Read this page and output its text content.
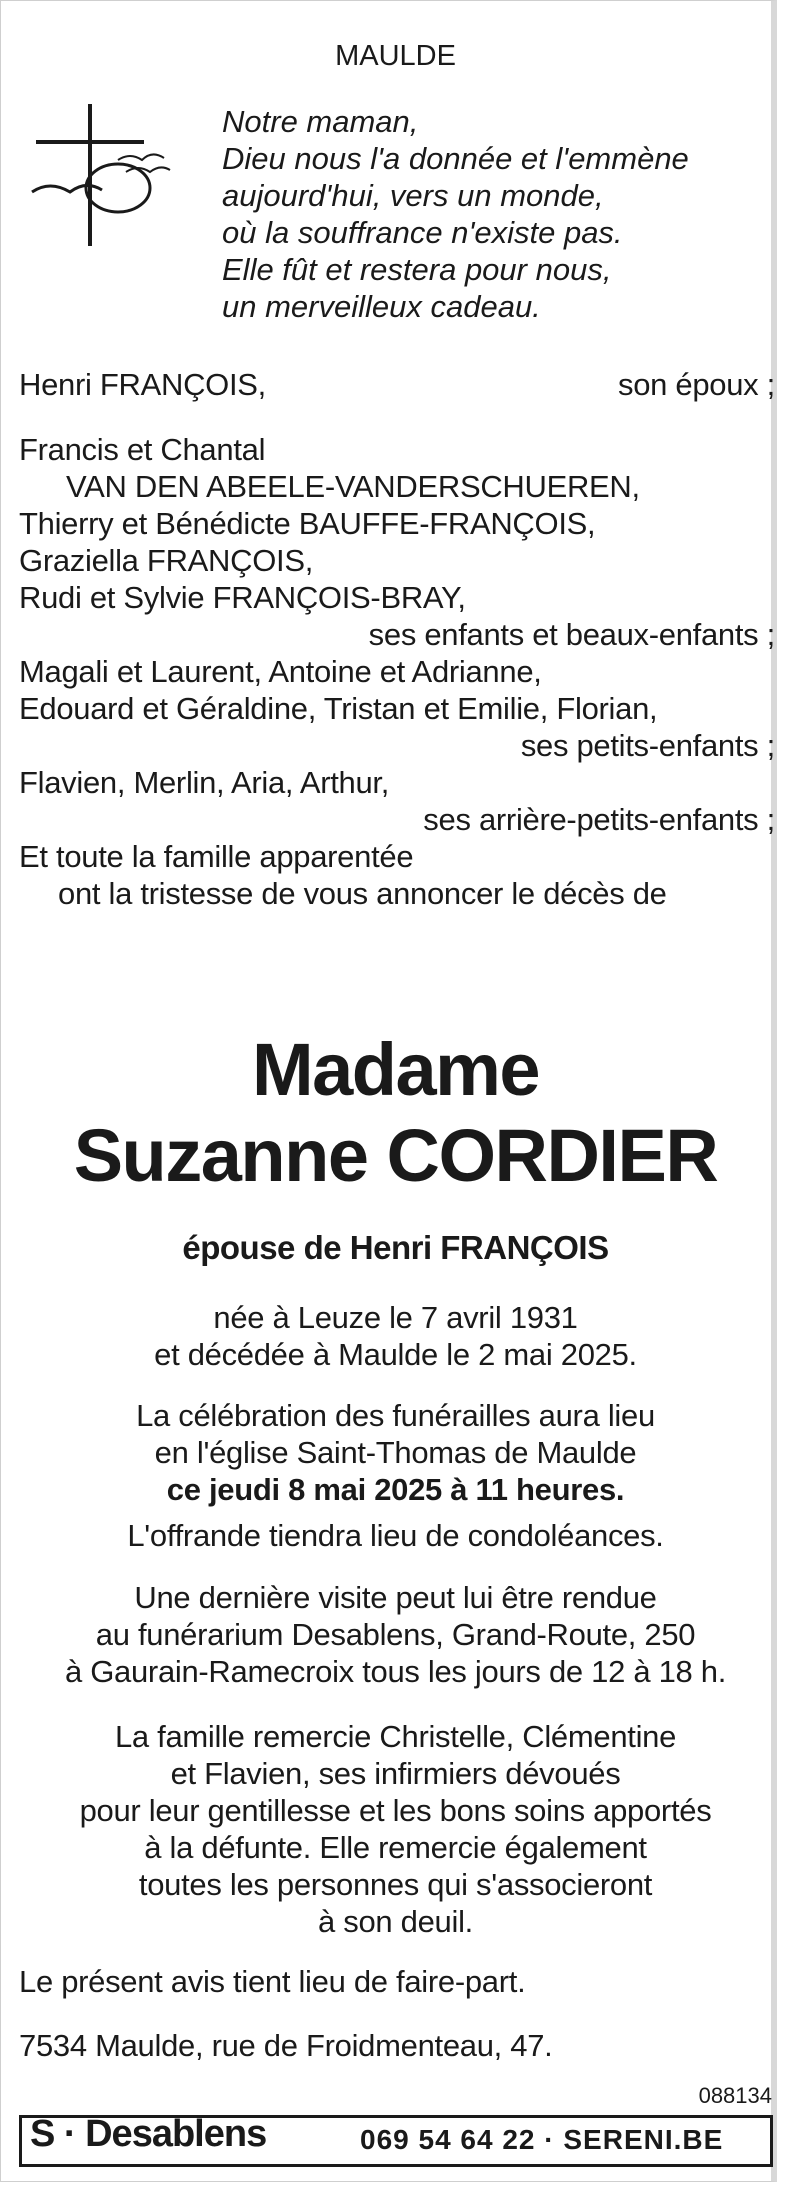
MAULDE
Notre maman,
Dieu nous l'a donnée et l'emmène
aujourd'hui, vers un monde,
où la souffrance n'existe pas.
Elle fût et restera pour nous,
un merveilleux cadeau.
Henri FRANÇOIS,	son époux ;
Francis et Chantal
VAN DEN ABEELE-VANDERSCHUEREN,
Thierry et Bénédicte BAUFFE-FRANÇOIS,
Graziella FRANÇOIS,
Rudi et Sylvie FRANÇOIS-BRAY,
ses enfants et beaux-enfants ;
Magali et Laurent, Antoine et Adrianne,
Edouard et Géraldine, Tristan et Emilie, Florian,
ses petits-enfants ;
Flavien, Merlin, Aria, Arthur,
ses arrière-petits-enfants ;
Et toute la famille apparentée
ont la tristesse de vous annoncer le décès de
Madame
Suzanne CORDIER
épouse de Henri FRANÇOIS
née à Leuze le 7 avril 1931
et décédée à Maulde le 2 mai 2025.
La célébration des funérailles aura lieu
en l'église Saint-Thomas de Maulde
ce jeudi 8 mai 2025 à 11 heures.
L'offrande tiendra lieu de condoléances.
Une dernière visite peut lui être rendue
au funérarium Desablens, Grand-Route, 250
à Gaurain-Ramecroix tous les jours de 12 à 18 h.
La famille remercie Christelle, Clémentine
et Flavien, ses infirmiers dévoués
pour leur gentillesse et les bons soins apportés
à la défunte. Elle remercie également
toutes les personnes qui s'associeront
à son deuil.
Le présent avis tient lieu de faire-part.
7534 Maulde, rue de Froidmenteau, 47.
088134
S · Desablens	069 54 64 22 · SERENI.BE
